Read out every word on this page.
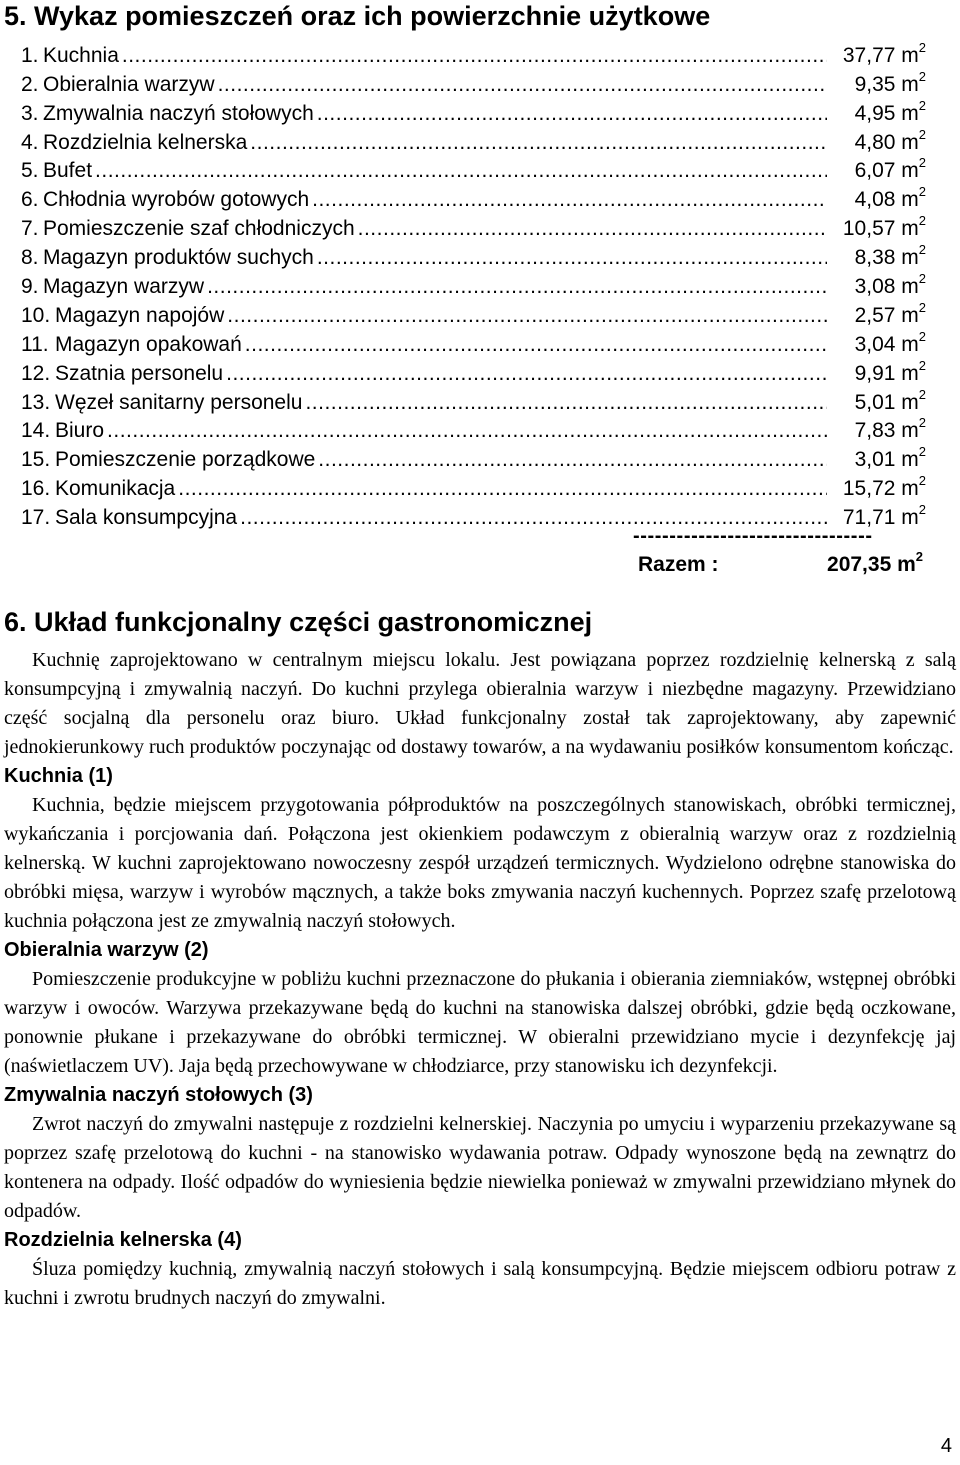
5. Wykaz pomieszczeń oraz ich powierzchnie użytkowe
1. Kuchnia .....	37,77 $m^2$
2. Obieralnia warzyw .....	9,35 $m^2$
3. Zmywalnia naczyń stołowych .....	4,95 $m^2$
4. Rozdzielnia kelnerska .....	4,80 $m^2$
5. Bufet .....	6,07 $m^2$
6. Chłodnia wyrobów gotowych .....	4,08 $m^2$
7. Pomieszczenie szaf chłodniczych .....	10,57 $m^2$
8. Magazyn produktów suchych .....	8,38 $m^2$
9. Magazyn warzyw .....	3,08 $m^2$
10. Magazyn napojów .....	2,57 $m^2$
11. Magazyn opakowań .....	3,04 $m^2$
12. Szatnia personelu .....	9,91 $m^2$
13. Węzeł sanitarny personelu .....	5,01 $m^2$
14. Biuro .....	7,83 $m^2$
15. Pomieszczenie porządkowe .....	3,01 $m^2$
16. Komunikacja .....	15,72 $m^2$
17. Sala konsumpcyjna .....	71,71 $m^2$
---------------------------------
Razem :	207,35 $m^2$
6. Układ funkcjonalny części gastronomicznej

Kuchnię zaprojektowano w centralnym miejscu lokalu. Jest powiązana poprzez rozdzielnię kelnerską z salą konsumpcyjną i zmywalnią naczyń. Do kuchni przylega obieralnia warzyw i niezbędne magazyny. Przewidziano część socjalną dla personelu oraz biuro. Układ funkcjonalny został tak zaprojektowany, aby zapewnić jednokierunkowy ruch produktów poczynając od dostawy towarów, a na wydawaniu posiłków konsumentom kończąc.

Kuchnia (1)

Kuchnia, będzie miejscem przygotowania półproduktów na poszczególnych stanowiskach, obróbki termicznej, wykańczania i porcjowania dań. Połączona jest okienkiem podawczym z obieralnią warzyw oraz z rozdzielnią kelnerską. W kuchni zaprojektowano nowoczesny zespół urządzeń termicznych. Wydzielono odrębne stanowiska do obróbki mięsa, warzyw i wyrobów mącznych, a także boks zmywania naczyń kuchennych. Poprzez szafę przelotową kuchnia połączona jest ze zmywalnią naczyń stołowych.

Obieralnia warzyw (2)

Pomieszczenie produkcyjne w pobliżu kuchni przeznaczone do płukania i obierania ziemniaków, wstępnej obróbki warzyw i owoców. Warzywa przekazywane będą do kuchni na stanowiska dalszej obróbki, gdzie będą oczkowane, ponownie płukane i przekazywane do obróbki termicznej. W obieralni przewidziano mycie i dezynfekcję jaj (naświetlaczem UV). Jaja będą przechowywane w chłodziarce, przy stanowisku ich dezynfekcji.

Zmywalnia naczyń stołowych (3)

Zwrot naczyń do zmywalni następuje z rozdzielni kelnerskiej. Naczynia po umyciu i wyparzeniu przekazywane są poprzez szafę przelotową do kuchni - na stanowisko wydawania potraw. Odpady wynoszone będą na zewnątrz do kontenera na odpady. Ilość odpadów do wyniesienia będzie niewielka ponieważ w zmywalni przewidziano młynek do odpadów.

Rozdzielnia kelnerska (4)

Śluza pomiędzy kuchnią, zmywalnią naczyń stołowych i salą konsumpcyjną. Będzie miejscem odbioru potraw z kuchni i zwrotu brudnych naczyń do zmywalni.

4
